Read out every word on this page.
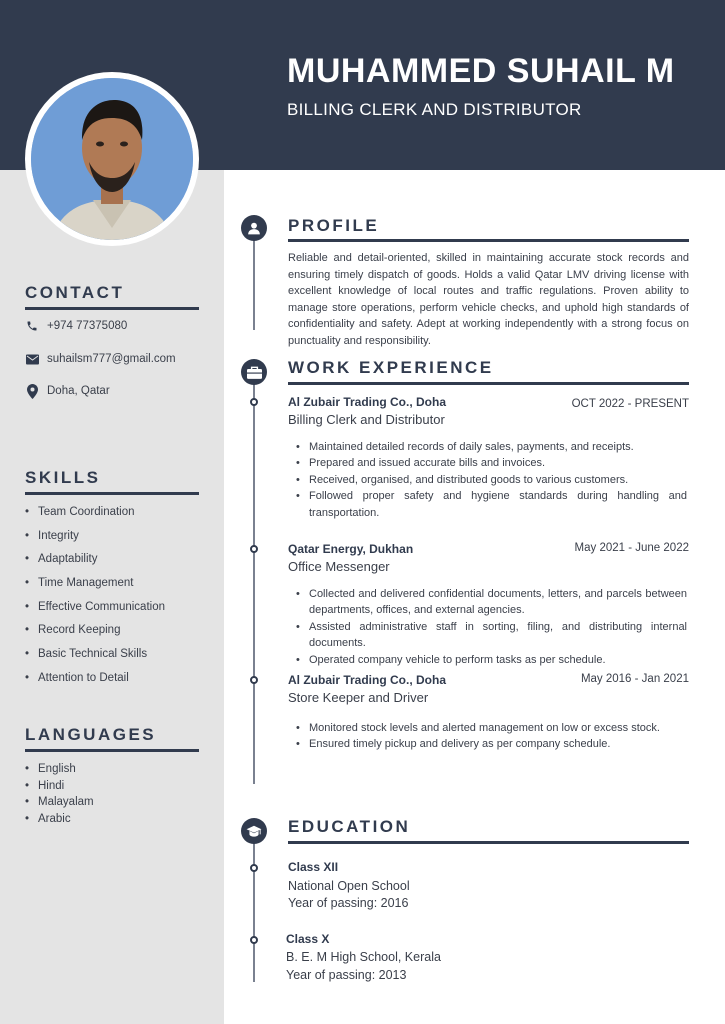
MUHAMMED SUHAIL M
BILLING CLERK AND DISTRIBUTOR
CONTACT
+974 77375080
suhailsm777@gmail.com
Doha, Qatar
SKILLS
• Team Coordination
• Integrity
• Adaptability
• Time Management
• Effective Communication
• Record Keeping
• Basic Technical Skills
• Attention to Detail
LANGUAGES
• English
• Hindi
• Malayalam
• Arabic
PROFILE
Reliable and detail-oriented, skilled in maintaining accurate stock records and ensuring timely dispatch of goods. Holds a valid Qatar LMV driving license with excellent knowledge of local routes and traffic regulations. Proven ability to manage store operations, perform vehicle checks, and uphold high standards of confidentiality and safety. Adept at working independently with a strong focus on punctuality and responsibility.
WORK EXPERIENCE
Al Zubair Trading Co., Doha	OCT 2022 - PRESENT
Billing Clerk and Distributor
• Maintained detailed records of daily sales, payments, and receipts.
• Prepared and issued accurate bills and invoices.
• Received, organised, and distributed goods to various customers.
• Followed proper safety and hygiene standards during handling and transportation.
Qatar Energy, Dukhan	May 2021 - June 2022
Office Messenger
• Collected and delivered confidential documents, letters, and parcels between departments, offices, and external agencies.
• Assisted administrative staff in sorting, filing, and distributing internal documents.
• Operated company vehicle to perform tasks as per schedule.
Al Zubair Trading Co., Doha	May 2016 - Jan 2021
Store Keeper and Driver
• Monitored stock levels and alerted management on low or excess stock.
• Ensured timely pickup and delivery as per company schedule.
EDUCATION
Class XII
National Open School
Year of passing: 2016
Class X
B. E. M High School, Kerala
Year of passing: 2013
